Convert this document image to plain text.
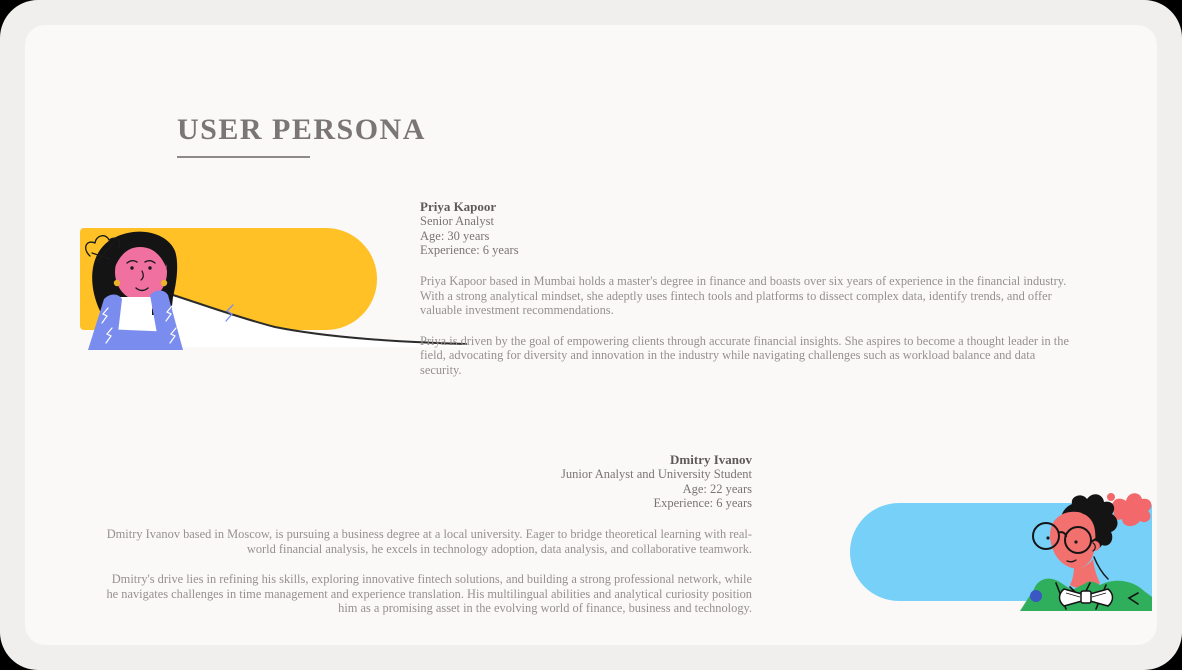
USER PERSONA
Priya Kapoor
Senior Analyst
Age: 30 years
Experience: 6 years

Priya Kapoor based in Mumbai holds a master's degree in finance and boasts over six years of experience in the financial industry. With a strong analytical mindset, she adeptly uses fintech tools and platforms to dissect complex data, identify trends, and offer valuable investment recommendations.

Priya is driven by the goal of empowering clients through accurate financial insights. She aspires to become a thought leader in the field, advocating for diversity and innovation in the industry while navigating challenges such as workload balance and data security.

Dmitry Ivanov
Junior Analyst and University Student
Age: 22 years
Experience: 6 years

Dmitry Ivanov based in Moscow, is pursuing a business degree at a local university. Eager to bridge theoretical learning with real-world financial analysis, he excels in technology adoption, data analysis, and collaborative teamwork.

Dmitry's drive lies in refining his skills, exploring innovative fintech solutions, and building a strong professional network, while he navigates challenges in time management and experience translation. His multilingual abilities and analytical curiosity position him as a promising asset in the evolving world of finance, business and technology.
